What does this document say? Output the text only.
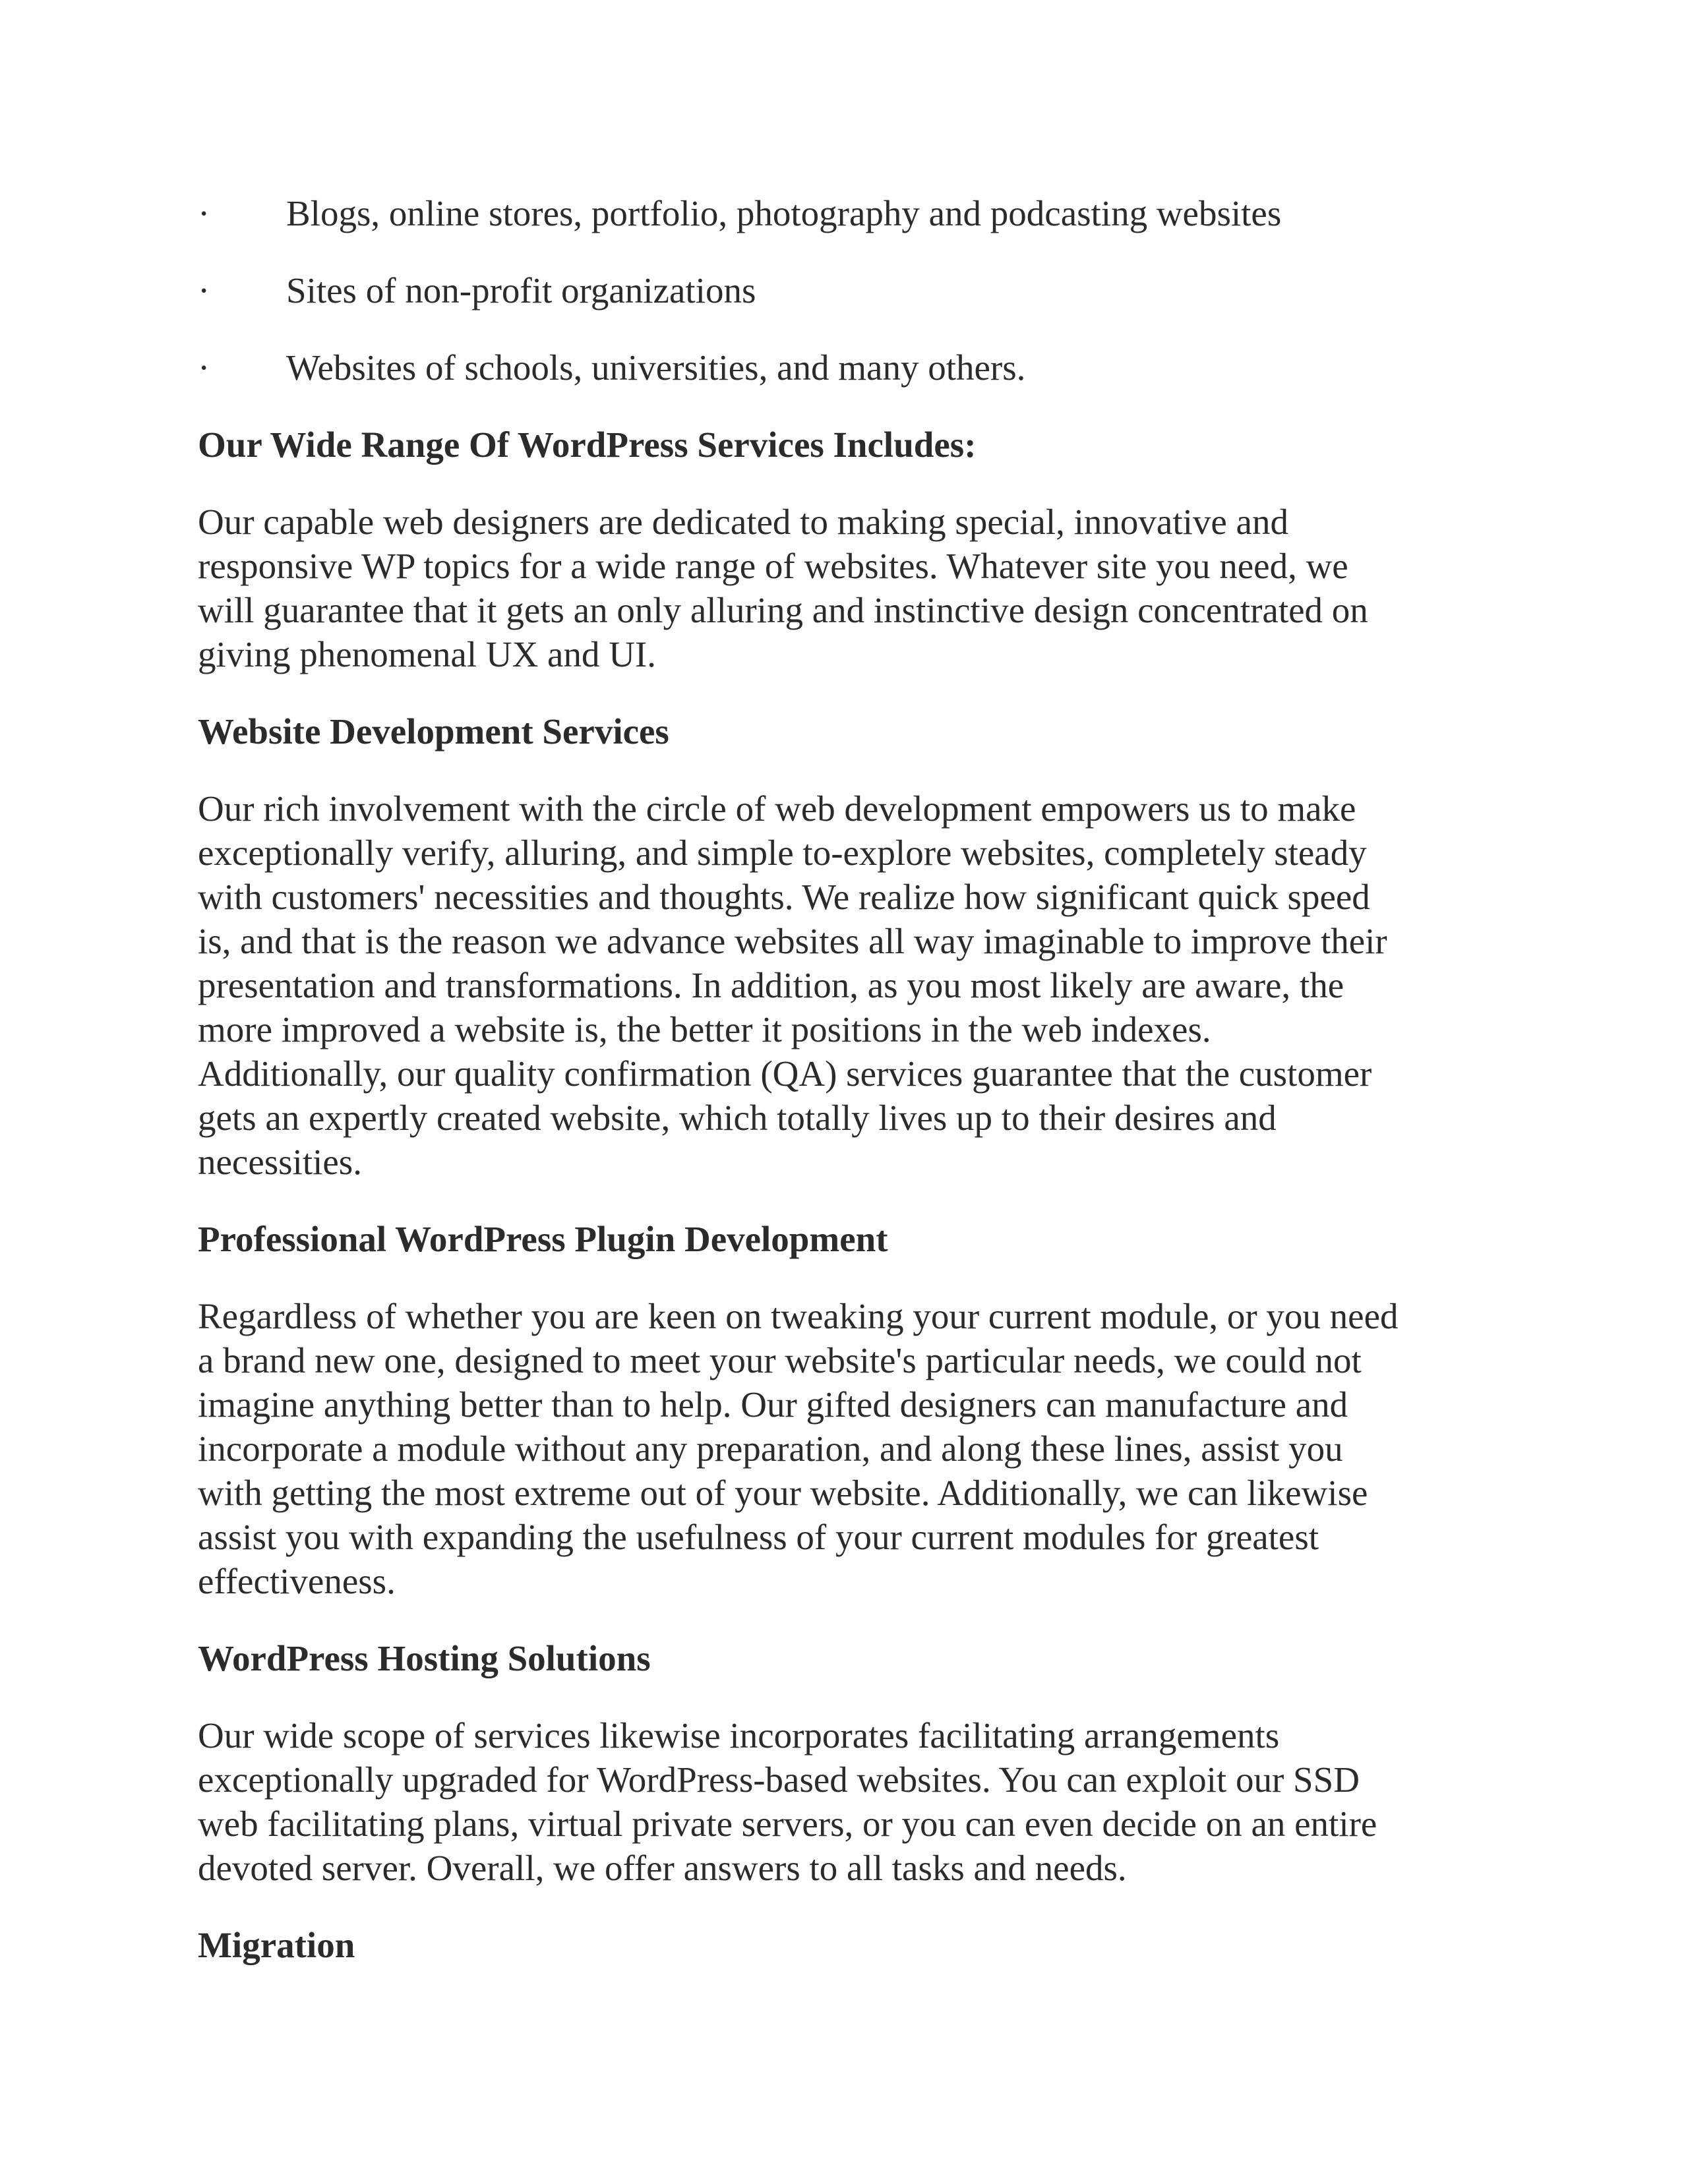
·	Blogs, online stores, portfolio, photography and podcasting websites
·	Sites of non-profit organizations
·	Websites of schools, universities, and many others.
Our Wide Range Of WordPress Services Includes:

Our capable web designers are dedicated to making special, innovative and
responsive WP topics for a wide range of websites. Whatever site you need, we
will guarantee that it gets an only alluring and instinctive design concentrated on
giving phenomenal UX and UI.

Website Development Services

Our rich involvement with the circle of web development empowers us to make
exceptionally verify, alluring, and simple to-explore websites, completely steady
with customers' necessities and thoughts. We realize how significant quick speed
is, and that is the reason we advance websites all way imaginable to improve their
presentation and transformations. In addition, as you most likely are aware, the
more improved a website is, the better it positions in the web indexes.
Additionally, our quality confirmation (QA) services guarantee that the customer
gets an expertly created website, which totally lives up to their desires and
necessities.

Professional WordPress Plugin Development

Regardless of whether you are keen on tweaking your current module, or you need
a brand new one, designed to meet your website's particular needs, we could not
imagine anything better than to help. Our gifted designers can manufacture and
incorporate a module without any preparation, and along these lines, assist you
with getting the most extreme out of your website. Additionally, we can likewise
assist you with expanding the usefulness of your current modules for greatest
effectiveness.

WordPress Hosting Solutions

Our wide scope of services likewise incorporates facilitating arrangements
exceptionally upgraded for WordPress-based websites. You can exploit our SSD
web facilitating plans, virtual private servers, or you can even decide on an entire
devoted server. Overall, we offer answers to all tasks and needs.

Migration
